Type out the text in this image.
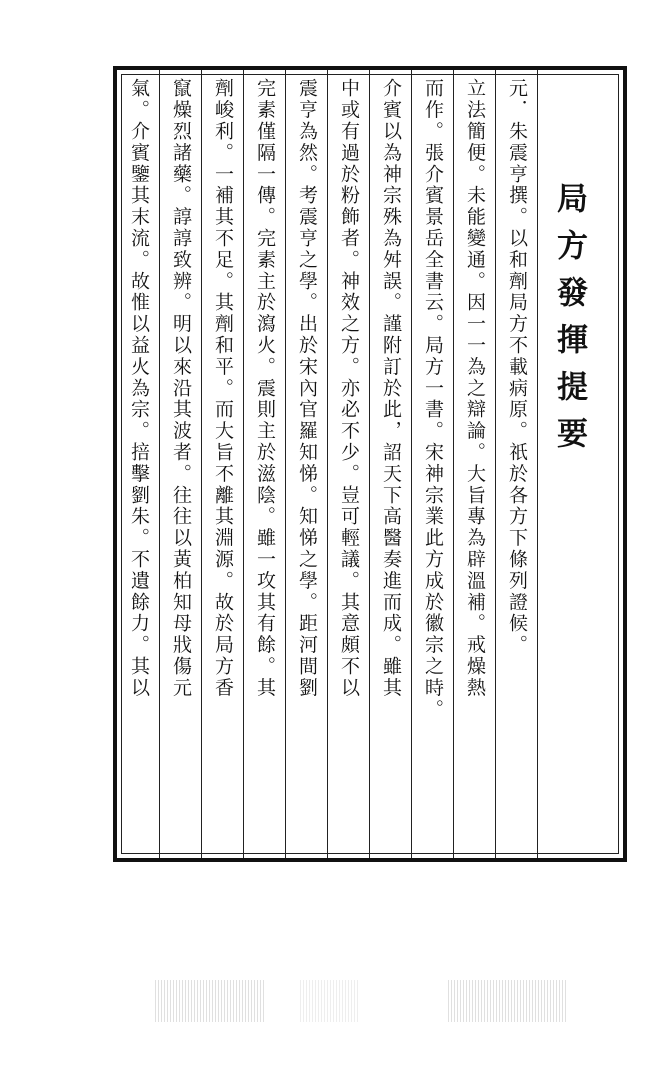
局方發揮提要
元．朱震亨撰。以和劑局方不載病原。祇於各方下條列證候。
立法簡便。未能變通。因一一為之辯論。大旨專為辟溫補。戒燥熱
而作。張介賓景岳全書云。局方一書。宋神宗業此方成於徽宗之時。
介賓以為神宗殊為舛誤。謹附訂於此，詔天下高醫奏進而成。雖其
中或有過於粉飾者。神效之方。亦必不少。豈可輕議。其意頗不以
震亨為然。考震亨之學。出於宋內官羅知悌。知悌之學。距河間劉
完素僅隔一傳。完素主於瀉火。震則主於滋陰。雖一攻其有餘。其
劑峻利。一補其不足。其劑和平。而大旨不離其淵源。故於局方香
竄燥烈諸藥。諄諄致辨。明以來沿其波者。往往以黃柏知母戕傷元
氣。介賓鑒其末流。故惟以益火為宗。掊擊劉朱。不遺餘力。其以
